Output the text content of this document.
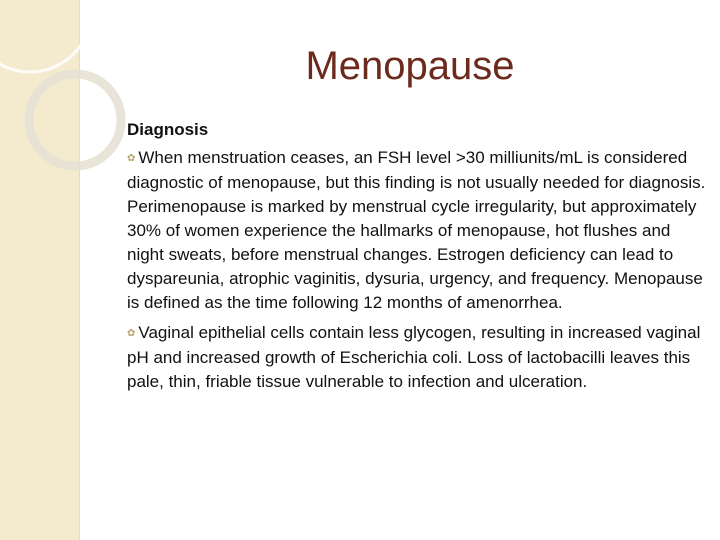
Menopause
Diagnosis

✿ When menstruation ceases, an FSH level >30 milliunits/mL is considered diagnostic of menopause, but this finding is not usually needed for diagnosis. Perimenopause is marked by menstrual cycle irregularity, but approximately 30% of women experience the hallmarks of menopause, hot flushes and night sweats, before menstrual changes. Estrogen deficiency can lead to dyspareunia, atrophic vaginitis, dysuria, urgency, and frequency. Menopause is defined as the time following 12 months of amenorrhea.

✿ Vaginal epithelial cells contain less glycogen, resulting in increased vaginal pH and increased growth of Escherichia coli. Loss of lactobacilli leaves this pale, thin, friable tissue vulnerable to infection and ulceration.
